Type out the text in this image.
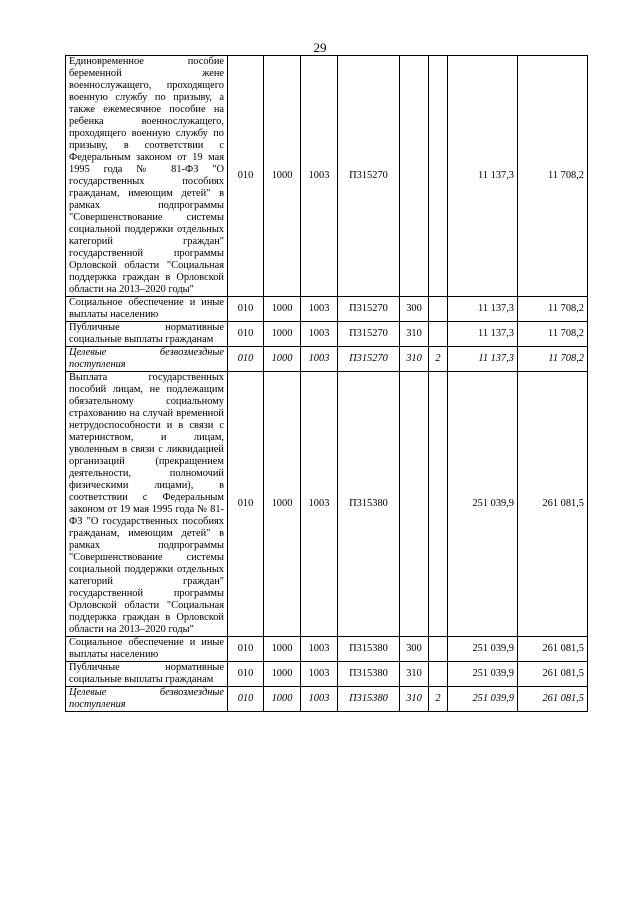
29
Единовременное пособие беременной жене военнослужащего, проходящего военную службу по призыву, а также ежемесячное пособие на ребенка военнослужащего, проходящего военную службу по призыву, в соответствии с Федеральным законом от 19 мая 1995 года № 81-ФЗ "О государственных пособиях гражданам, имеющим детей" в рамках подпрограммы "Совершенствование системы социальной поддержки отдельных категорий граждан" государственной программы Орловской области "Социальная поддержка граждан в Орловской области на 2013–2020 годы"	010	1000	1003	П315270			11 137,3	11 708,2
Социальное обеспечение и иные выплаты населению	010	1000	1003	П315270	300		11 137,3	11 708,2
Публичные нормативные социальные выплаты гражданам	010	1000	1003	П315270	310		11 137,3	11 708,2
Целевые безвозмездные поступления	010	1000	1003	П315270	310	2	11 137,3	11 708,2
Выплата государственных пособий лицам, не подлежащим обязательному социальному страхованию на случай временной нетрудоспособности и в связи с материнством, и лицам, уволенным в связи с ликвидацией организаций (прекращением деятельности, полномочий физическими лицами), в соответствии с Федеральным законом от 19 мая 1995 года № 81-ФЗ "О государственных пособиях гражданам, имеющим детей" в рамках подпрограммы "Совершенствование системы социальной поддержки отдельных категорий граждан" государственной программы Орловской области "Социальная поддержка граждан в Орловской области на 2013–2020 годы"	010	1000	1003	П315380			251 039,9	261 081,5
Социальное обеспечение и иные выплаты населению	010	1000	1003	П315380	300		251 039,9	261 081,5
Публичные нормативные социальные выплаты гражданам	010	1000	1003	П315380	310		251 039,9	261 081,5
Целевые безвозмездные поступления	010	1000	1003	П315380	310	2	251 039,9	261 081,5
